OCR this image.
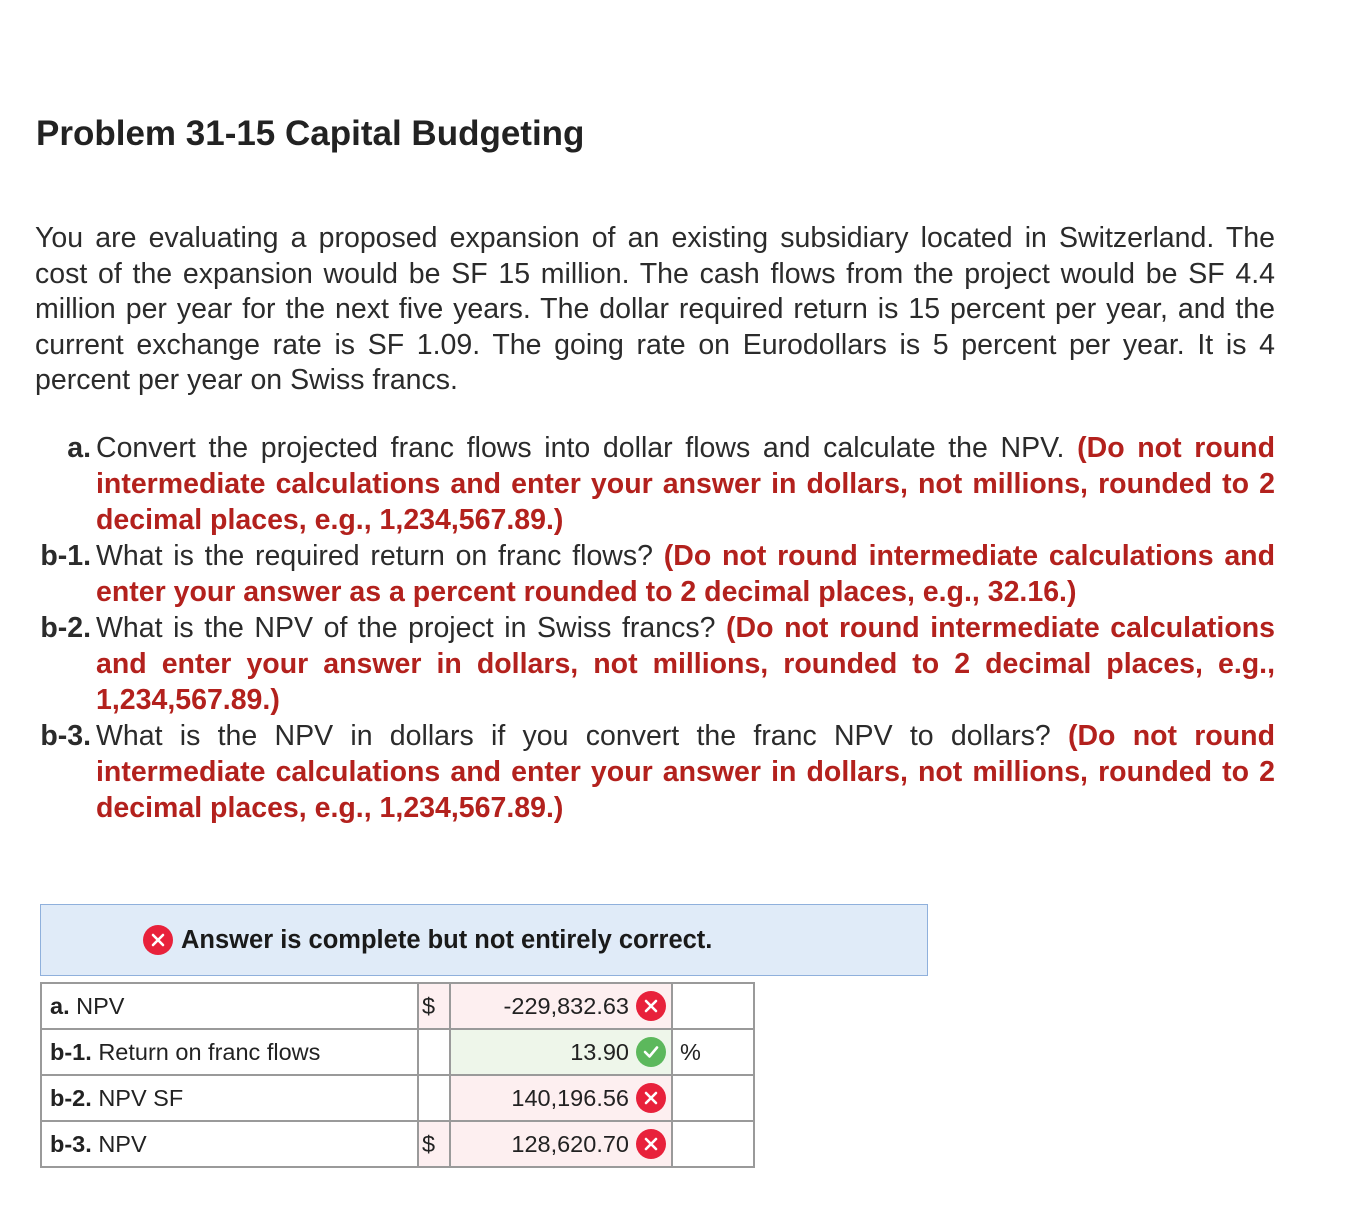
Problem 31-15 Capital Budgeting

You are evaluating a proposed expansion of an existing subsidiary located in Switzerland. The cost of the expansion would be SF 15 million. The cash flows from the project would be SF 4.4 million per year for the next five years. The dollar required return is 15 percent per year, and the current exchange rate is SF 1.09. The going rate on Eurodollars is 5 percent per year. It is 4 percent per year on Swiss francs.

a. Convert the projected franc flows into dollar flows and calculate the NPV. (Do not round intermediate calculations and enter your answer in dollars, not millions, rounded to 2 decimal places, e.g., 1,234,567.89.)
b-1. What is the required return on franc flows? (Do not round intermediate calculations and enter your answer as a percent rounded to 2 decimal places, e.g., 32.16.)
b-2. What is the NPV of the project in Swiss francs? (Do not round intermediate calculations and enter your answer in dollars, not millions, rounded to 2 decimal places, e.g., 1,234,567.89.)
b-3. What is the NPV in dollars if you convert the franc NPV to dollars? (Do not round intermediate calculations and enter your answer in dollars, not millions, rounded to 2 decimal places, e.g., 1,234,567.89.)
Answer is complete but not entirely correct.
a. NPV	$	-229,832.63

b-1. Return on franc flows		13.90	%
b-2. NPV SF		140,196.56

b-3. NPV	$	128,620.70
